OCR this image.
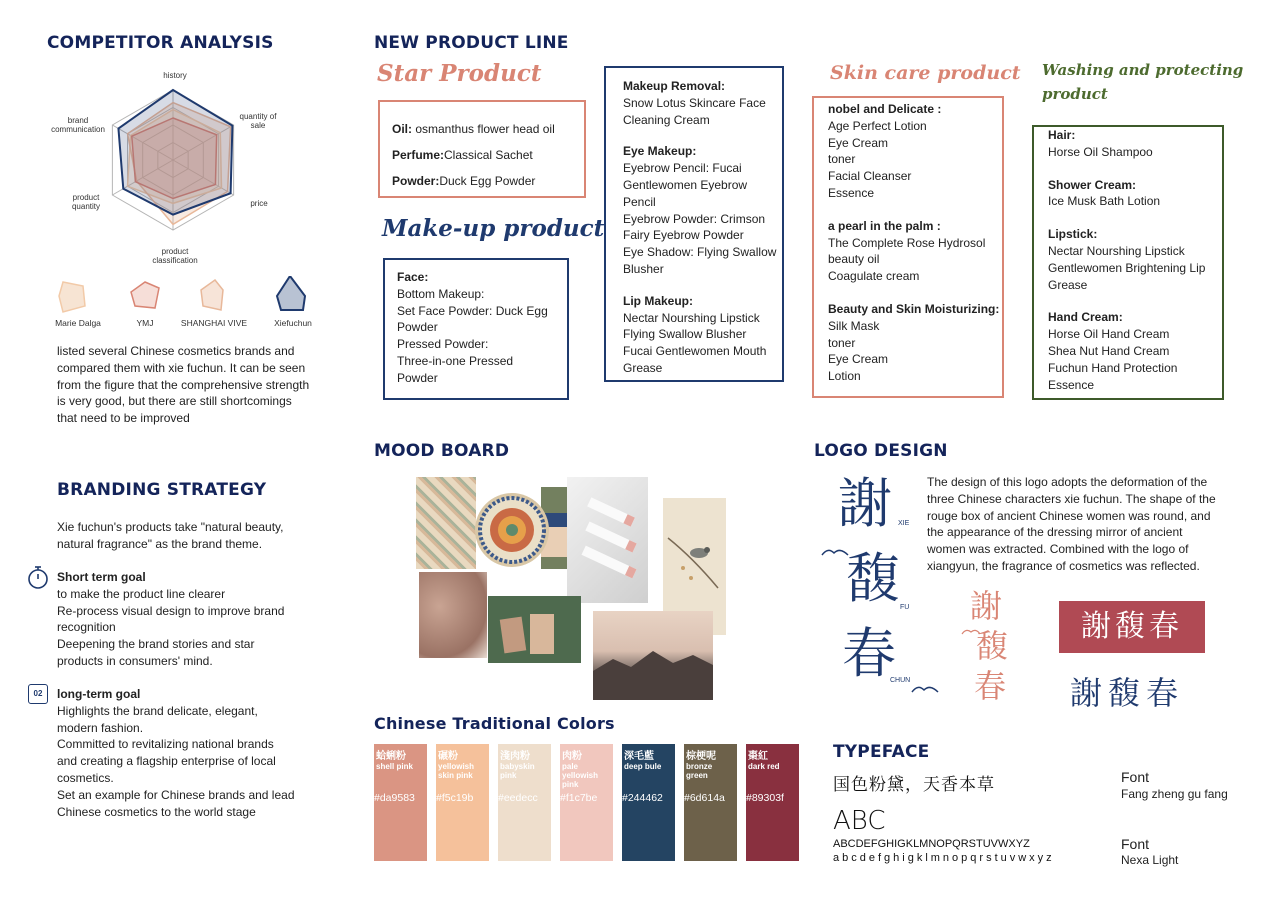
COMPETITOR ANALYSIS
history
quantity of sale
price
product classification
product quantity
brand communication
Marie Dalga	YMJ	SHANGHAI VIVE	Xiefuchun
listed several Chinese cosmetics brands and
compared them with xie fuchun. It can be seen
from the figure that the comprehensive strength
is very good, but there are still shortcomings
that need to be improved
BRANDING STRATEGY
Xie fuchun's products take "natural beauty,
natural fragrance" as the brand theme.
Short term goal
to make the product line clearer
Re-process visual design to improve brand
recognition
Deepening the brand stories and star
products in consumers' mind.
02	long-term goal
Highlights the brand delicate, elegant,
modern fashion.
Committed to revitalizing national brands
and creating a flagship enterprise of local
cosmetics.
Set an example for Chinese brands and lead
Chinese cosmetics to the world stage
NEW PRODUCT LINE
Star Product
Oil: osmanthus flower head oil
Perfume:Classical Sachet
Powder:Duck Egg Powder
Make-up product
Face:
Bottom Makeup:
Set Face Powder: Duck Egg
Powder
Pressed Powder:
Three-in-one Pressed
Powder
Makeup Removal:
Snow Lotus Skincare Face
Cleaning Cream
Eye Makeup:
Eyebrow Pencil: Fucai
Gentlewomen Eyebrow
Pencil
Eyebrow Powder: Crimson
Fairy Eyebrow Powder
Eye Shadow: Flying Swallow
Blusher
Lip Makeup:
Nectar Nourshing Lipstick
Flying Swallow Blusher
Fucai Gentlewomen Mouth
Grease
Skin care product
nobel and Delicate :
Age Perfect Lotion
Eye Cream
toner
Facial Cleanser
Essence
a pearl in the palm :
The Complete Rose Hydrosol
beauty oil
Coagulate cream
Beauty and Skin Moisturizing:
Silk Mask
toner
Eye Cream
Lotion
Washing and protecting
product
Hair:
Horse Oil Shampoo
Shower Cream:
Ice Musk Bath Lotion
Lipstick:
Nectar Nourshing Lipstick
Gentlewomen Brightening Lip
Grease
Hand Cream:
Horse Oil Hand Cream
Shea Nut Hand Cream
Fuchun Hand Protection
Essence
MOOD BOARD
Chinese Traditional Colors
蛤蜊粉
shell pink
#da9583
碾粉
yellowish skin pink
#f5c19b
淺肉粉
babyskin pink
#eedecc
肉粉
pale yellowish pink
#f1c7be
深毛藍
deep bule
#244462
棕梗呢
bronze green
#6d614a
棗紅
dark red
#89303f
LOGO DESIGN
The design of this logo adopts the deformation of the
three Chinese characters xie fuchun. The shape of the
rouge box of ancient Chinese women was round, and
the appearance of the dressing mirror of ancient
women was extracted. Combined with the logo of
xiangyun, the fragrance of cosmetics was reflected.
謝 XIE
馥 FU
春
CHUN
謝
馥
春
謝馥春
謝馥春
TYPEFACE
国色粉黛，天香本草	Font
Fang zheng gu fang
ABC
ABCDEFGHIGKLMNOPQRSTUVWXYZ
abcdefghigklmnopqrstuvwxyz
Font
Nexa Light
